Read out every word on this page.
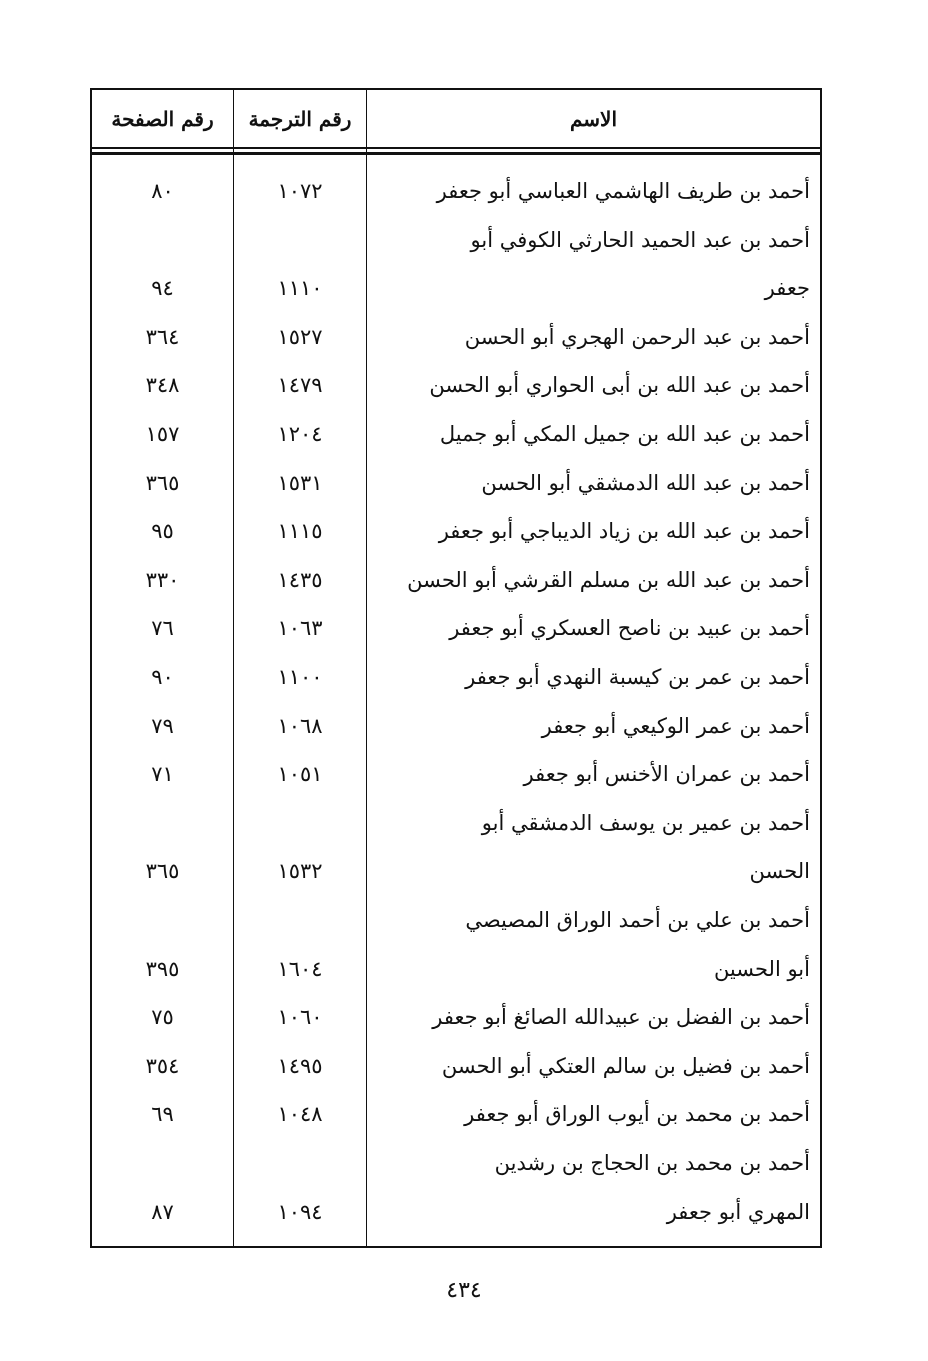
الاسم
رقم الترجمة
رقم الصفحة
أحمد بن طريف الهاشمي العباسي أبو جعفر
١٠٧٢
٨٠
أحمد بن عبد الحميد الحارثي الكوفي أبو
جعفر
١١١٠
٩٤
أحمد بن عبد الرحمن الهجري أبو الحسن
١٥٢٧
٣٦٤
أحمد بن عبد الله بن أبى الحواري أبو الحسن
١٤٧٩
٣٤٨
أحمد بن عبد الله بن جميل المكي أبو جميل
١٢٠٤
١٥٧
أحمد بن عبد الله الدمشقي أبو الحسن
١٥٣١
٣٦٥
أحمد بن عبد الله بن زياد الديباجي أبو جعفر
١١١٥
٩٥
أحمد بن عبد الله بن مسلم القرشي أبو الحسن
١٤٣٥
٣٣٠
أحمد بن عبيد بن ناصح العسكري أبو جعفر
١٠٦٣
٧٦
أحمد بن عمر بن كيسبة النهدي أبو جعفر
١١٠٠
٩٠
أحمد بن عمر الوكيعي أبو جعفر
١٠٦٨
٧٩
أحمد بن عمران الأخنس أبو جعفر
١٠٥١
٧١
أحمد بن عمير بن يوسف الدمشقي أبو
الحسن
١٥٣٢
٣٦٥
أحمد بن علي بن أحمد الوراق المصيصي
أبو الحسين
١٦٠٤
٣٩٥
أحمد بن الفضل بن عبيدالله الصائغ أبو جعفر
١٠٦٠
٧٥
أحمد بن فضيل بن سالم العتكي أبو الحسن
١٤٩٥
٣٥٤
أحمد بن محمد بن أيوب الوراق أبو جعفر
١٠٤٨
٦٩
أحمد بن محمد بن الحجاج بن رشدين
المهري أبو جعفر
١٠٩٤
٨٧
٤٣٤
